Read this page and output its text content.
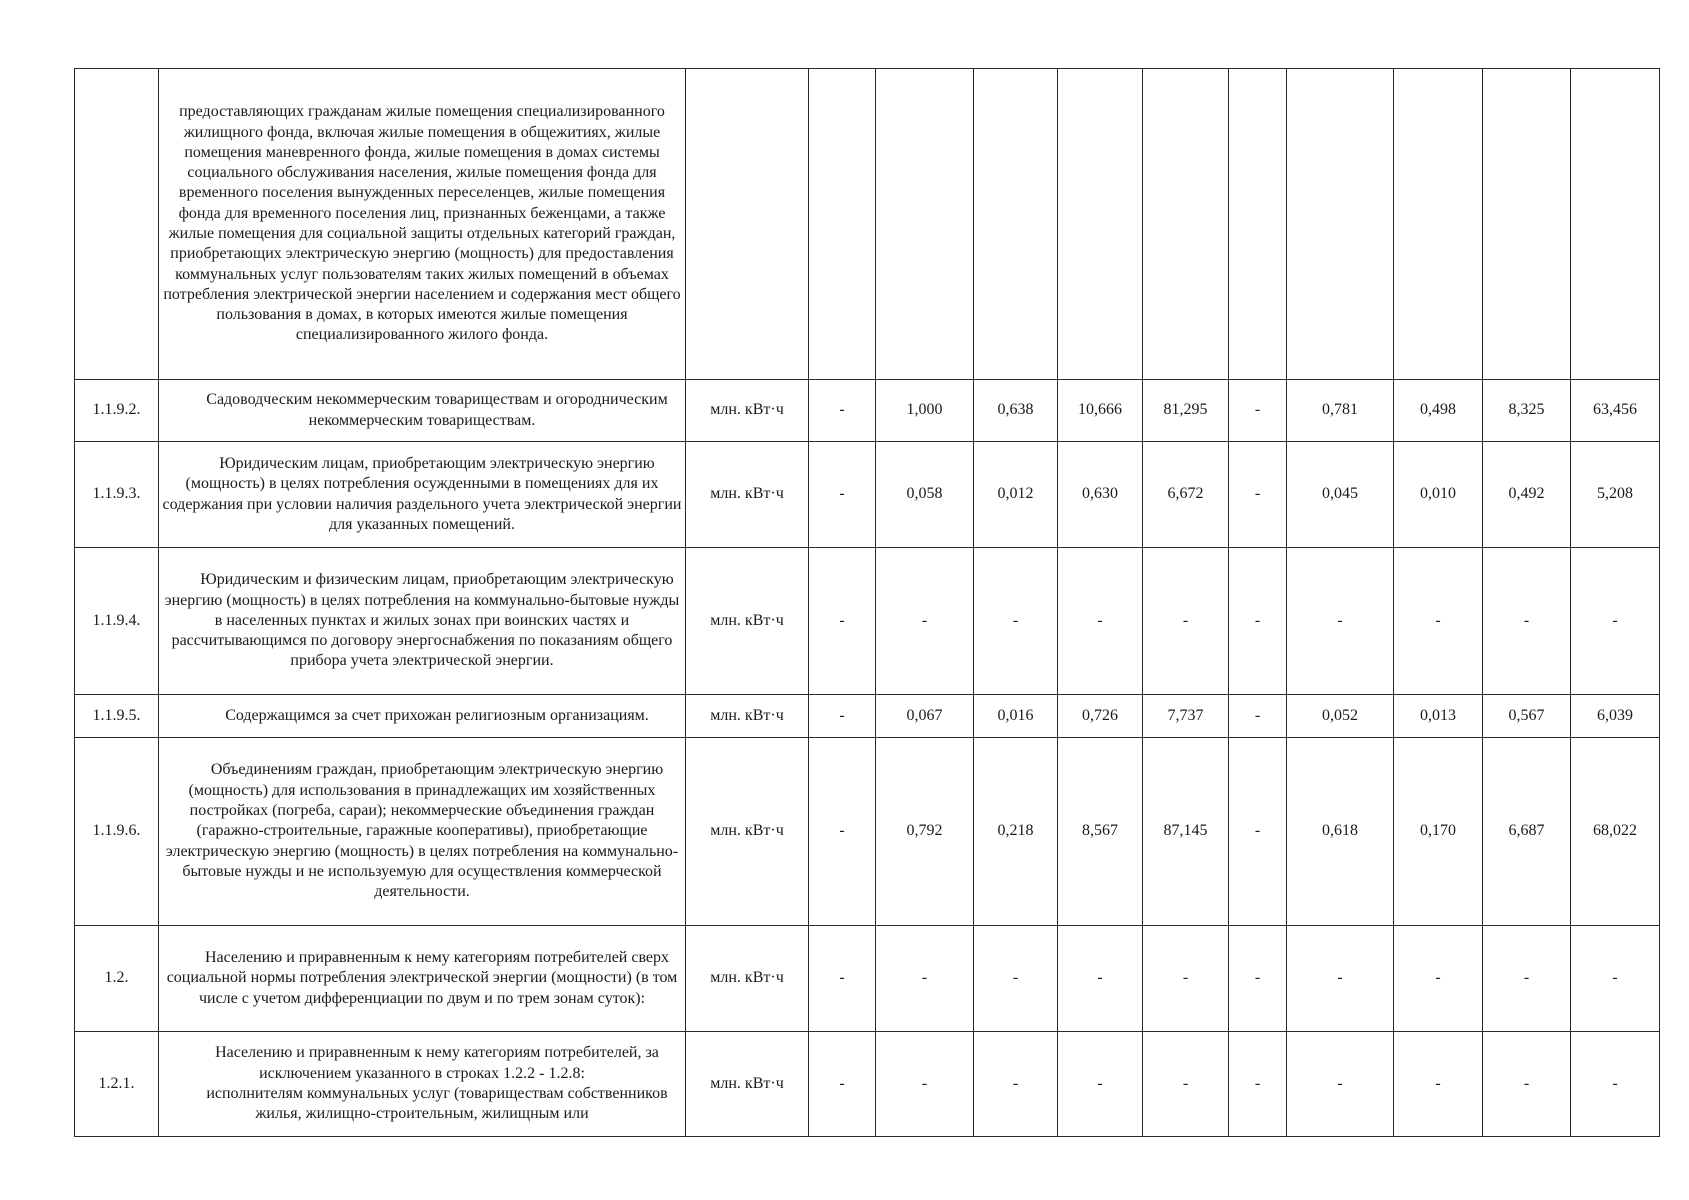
	предоставляющих гражданам жилые помещения специализированного жилищного фонда, включая жилые помещения в общежитиях, жилые помещения маневренного фонда, жилые помещения в домах системы социального обслуживания населения, жилые помещения фонда для временного поселения вынужденных переселенцев, жилые помещения фонда для временного поселения лиц, признанных беженцами, а также жилые помещения для социальной защиты отдельных категорий граждан, приобретающих электрическую энергию (мощность) для предоставления коммунальных услуг пользователям таких жилых помещений в объемах потребления электрической энергии населением и содержания мест общего пользования в домах, в которых имеются жилые помещения специализированного жилого фонда.											

1.1.9.2.	Садоводческим некоммерческим товариществам и огородническим некоммерческим товариществам.	млн. кВт·ч	-	1,000	0,638	10,666	81,295	-	0,781	0,498	8,325	63,456
1.1.9.3.	Юридическим лицам, приобретающим электрическую энергию (мощность) в целях потребления осужденными в помещениях для их содержания при условии наличия раздельного учета электрической энергии для указанных помещений.	млн. кВт·ч	-	0,058	0,012	0,630	6,672	-	0,045	0,010	0,492	5,208
1.1.9.4.	Юридическим и физическим лицам, приобретающим электрическую энергию (мощность) в целях потребления на коммунально-бытовые нужды в населенных пунктах и жилых зонах при воинских частях и рассчитывающимся по договору энергоснабжения по показаниям общего прибора учета электрической энергии.	млн. кВт·ч	-	-	-	-	-	-	-	-	-	-
1.1.9.5.	Содержащимся за счет прихожан религиозным организациям.	млн. кВт·ч	-	0,067	0,016	0,726	7,737	-	0,052	0,013	0,567	6,039
1.1.9.6.	Объединениям граждан, приобретающим электрическую энергию (мощность) для использования в принадлежащих им хозяйственных постройках (погреба, сараи); некоммерческие объединения граждан (гаражно-строительные, гаражные кооперативы), приобретающие электрическую энергию (мощность) в целях потребления на коммунально-бытовые нужды и не используемую для осуществления коммерческой деятельности.	млн. кВт·ч	-	0,792	0,218	8,567	87,145	-	0,618	0,170	6,687	68,022
1.2.	Населению и приравненным к нему категориям потребителей сверх социальной нормы потребления электрической энергии (мощности) (в том числе с учетом дифференциации по двум и по трем зонам суток):	млн. кВт·ч	-	-	-	-	-	-	-	-	-	-
1.2.1.	Населению и приравненным к нему категориям потребителей, за исключением указанного в строках 1.2.2 - 1.2.8:
исполнителям коммунальных услуг (товариществам собственников жилья, жилищно-строительным, жилищным или	млн. кВт·ч	-	-	-	-	-	-	-	-	-	-
